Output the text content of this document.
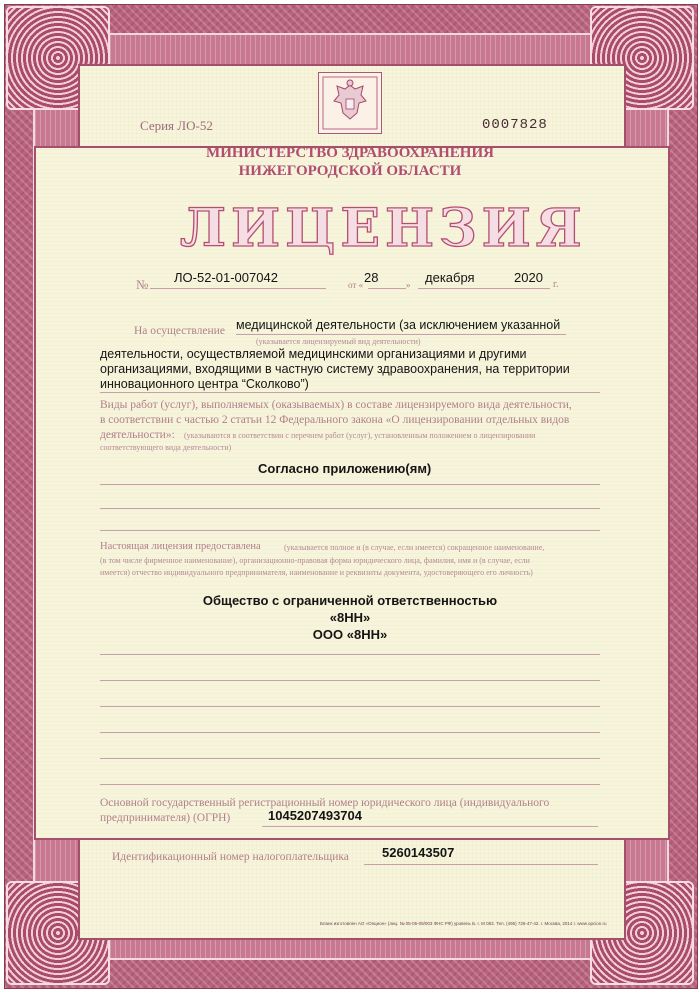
Серия ЛО-52	0007828
МИНИСТЕРСТВО ЗДРАВООХРАНЕНИЯ
НИЖЕГОРОДСКОЙ ОБЛАСТИ
ЛИЦЕНЗИЯ
№ ЛО-52-01-007042	от « 28	» декабря	2020 г.
На осуществление медицинской деятельности (за исключением указанной
(указывается лицензируемый вид деятельности)
деятельности, осуществляемой медицинскими организациями и другими
организациями, входящими в частную систему здравоохранения, на территории
инновационного центра “Сколково”)
Виды работ (услуг), выполняемых (оказываемых) в составе лицензируемого вида деятельности,
в соответствии с частью 2 статьи 12 Федерального закона «О лицензировании отдельных видов
деятельности»: (указываются в соответствии с перечнем работ (услуг), установленным положением о лицензировании
соответствующего вида деятельности)
Согласно приложению(ям)
Настоящая лицензия предоставлена	(указывается полное и (в случае, если имеется) сокращенное наименование,
(в том числе фирменное наименование), организационно-правовая форма юридического лица, фамилия, имя и (в случае, если
имеется) отчество индивидуального предпринимателя, наименование и реквизиты документа, удостоверяющего его личность)
Общество с ограниченной ответственностью
«8НН»
ООО «8НН»
Основной государственный регистрационный номер юридического лица (индивидуального
предпринимателя) (ОГРН)	1045207493704
Идентификационный номер налогоплательщика	5260143507
Бланк изготовлен АО «Опцион» (лиц. № 05-05-09/003 ФНС РФ) уровень Б. г. М 083. Тел. (495) 726-47-42. г. Москва, 2014 г. www.opcion.ru
